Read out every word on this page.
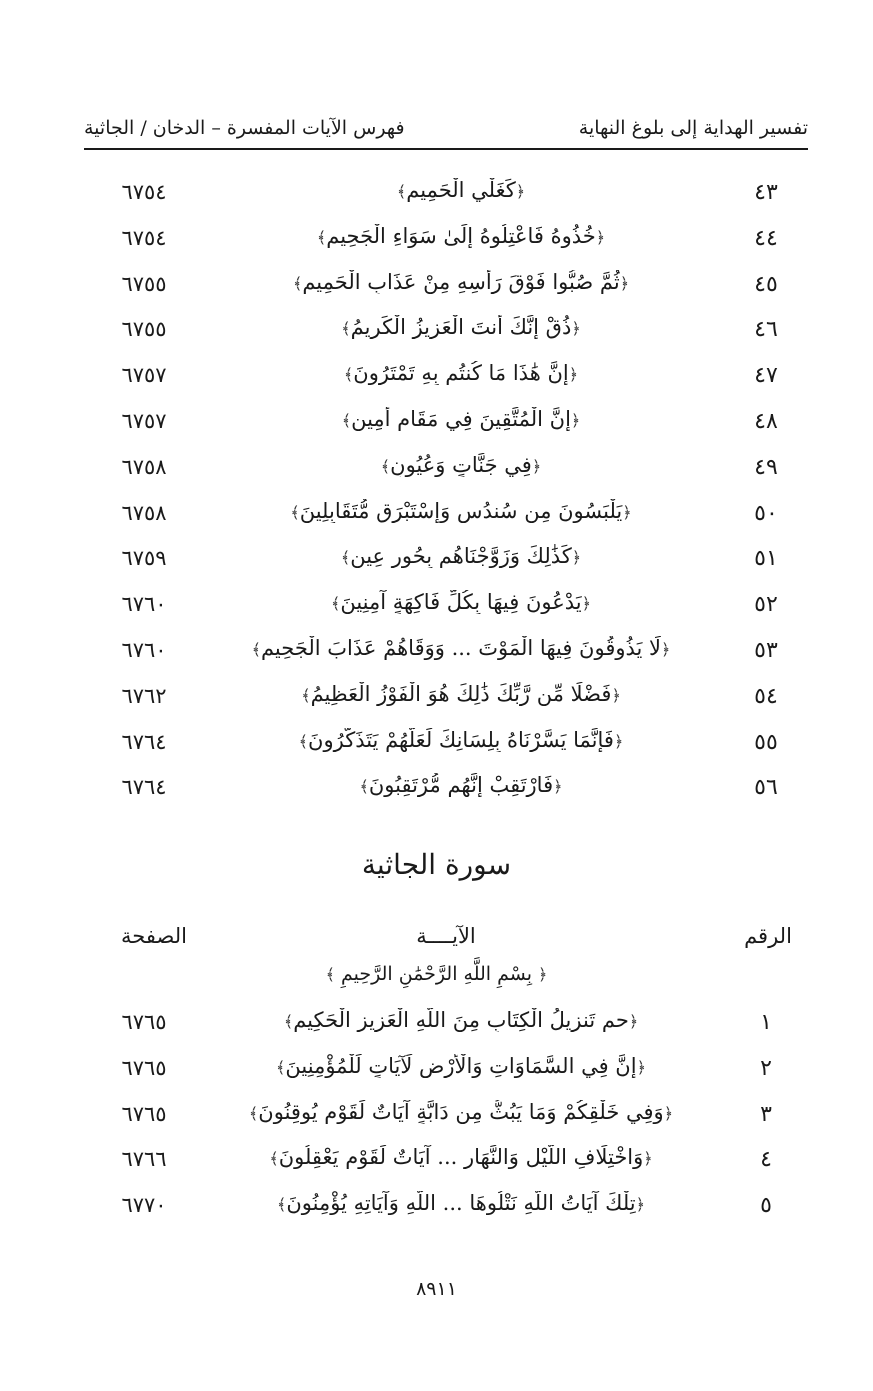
تفسير الهداية إلى بلوغ النهاية
فهرس الآيات المفسرة – الدخان / الجاثية
٤٣
﴿كَغَلْيِ الْحَمِيمِ﴾
٦٧٥٤
٤٤
﴿خُذُوهُ فَاعْتِلُوهُ إِلَىٰ سَوَاءِ الْجَحِيمِ﴾
٦٧٥٤
٤٥
﴿ثُمَّ صُبُّوا فَوْقَ رَأْسِهِ مِنْ عَذَابِ الْحَمِيمِ﴾
٦٧٥٥
٤٦
﴿ذُقْ إِنَّكَ أَنتَ الْعَزِيزُ الْكَرِيمُ﴾
٦٧٥٥
٤٧
﴿إِنَّ هَٰذَا مَا كُنتُم بِهِ تَمْتَرُونَ﴾
٦٧٥٧
٤٨
﴿إِنَّ الْمُتَّقِينَ فِي مَقَامٍ أَمِينٍ﴾
٦٧٥٧
٤٩
﴿فِي جَنَّاتٍ وَعُيُونٍ﴾
٦٧٥٨
٥٠
﴿يَلْبَسُونَ مِن سُندُسٍ وَإِسْتَبْرَقٍ مُّتَقَابِلِينَ﴾
٦٧٥٨
٥١
﴿كَذَٰلِكَ وَزَوَّجْنَاهُم بِحُورٍ عِينٍ﴾
٦٧٥٩
٥٢
﴿يَدْعُونَ فِيهَا بِكُلِّ فَاكِهَةٍ آمِنِينَ﴾
٦٧٦٠
٥٣
﴿لَا يَذُوقُونَ فِيهَا الْمَوْتَ ... وَوَقَاهُمْ عَذَابَ الْجَحِيمِ﴾
٦٧٦٠
٥٤
﴿فَضْلًا مِّن رَّبِّكَ ذَٰلِكَ هُوَ الْفَوْزُ الْعَظِيمُ﴾
٦٧٦٢
٥٥
﴿فَإِنَّمَا يَسَّرْنَاهُ بِلِسَانِكَ لَعَلَّهُمْ يَتَذَكَّرُونَ﴾
٦٧٦٤
٥٦
﴿فَارْتَقِبْ إِنَّهُم مُّرْتَقِبُونَ﴾
٦٧٦٤
سورة الجاثية
الرقم
الآيــــة
الصفحة
﴿ بِسْمِ اللَّهِ الرَّحْمَٰنِ الرَّحِيمِ ﴾
١
﴿حم تَنزِيلُ الْكِتَابِ مِنَ اللَّهِ الْعَزِيزِ الْحَكِيمِ﴾
٦٧٦٥
٢
﴿إِنَّ فِي السَّمَاوَاتِ وَالْأَرْضِ لَآيَاتٍ لِّلْمُؤْمِنِينَ﴾
٦٧٦٥
٣
﴿وَفِي خَلْقِكُمْ وَمَا يَبُثُّ مِن دَابَّةٍ آيَاتٌ لِّقَوْمٍ يُوقِنُونَ﴾
٦٧٦٥
٤
﴿وَاخْتِلَافِ اللَّيْلِ وَالنَّهَارِ ... آيَاتٌ لِّقَوْمٍ يَعْقِلُونَ﴾
٦٧٦٦
٥
﴿تِلْكَ آيَاتُ اللَّهِ نَتْلُوهَا ... اللَّهِ وَآيَاتِهِ يُؤْمِنُونَ﴾
٦٧٧٠
٨٩١١
